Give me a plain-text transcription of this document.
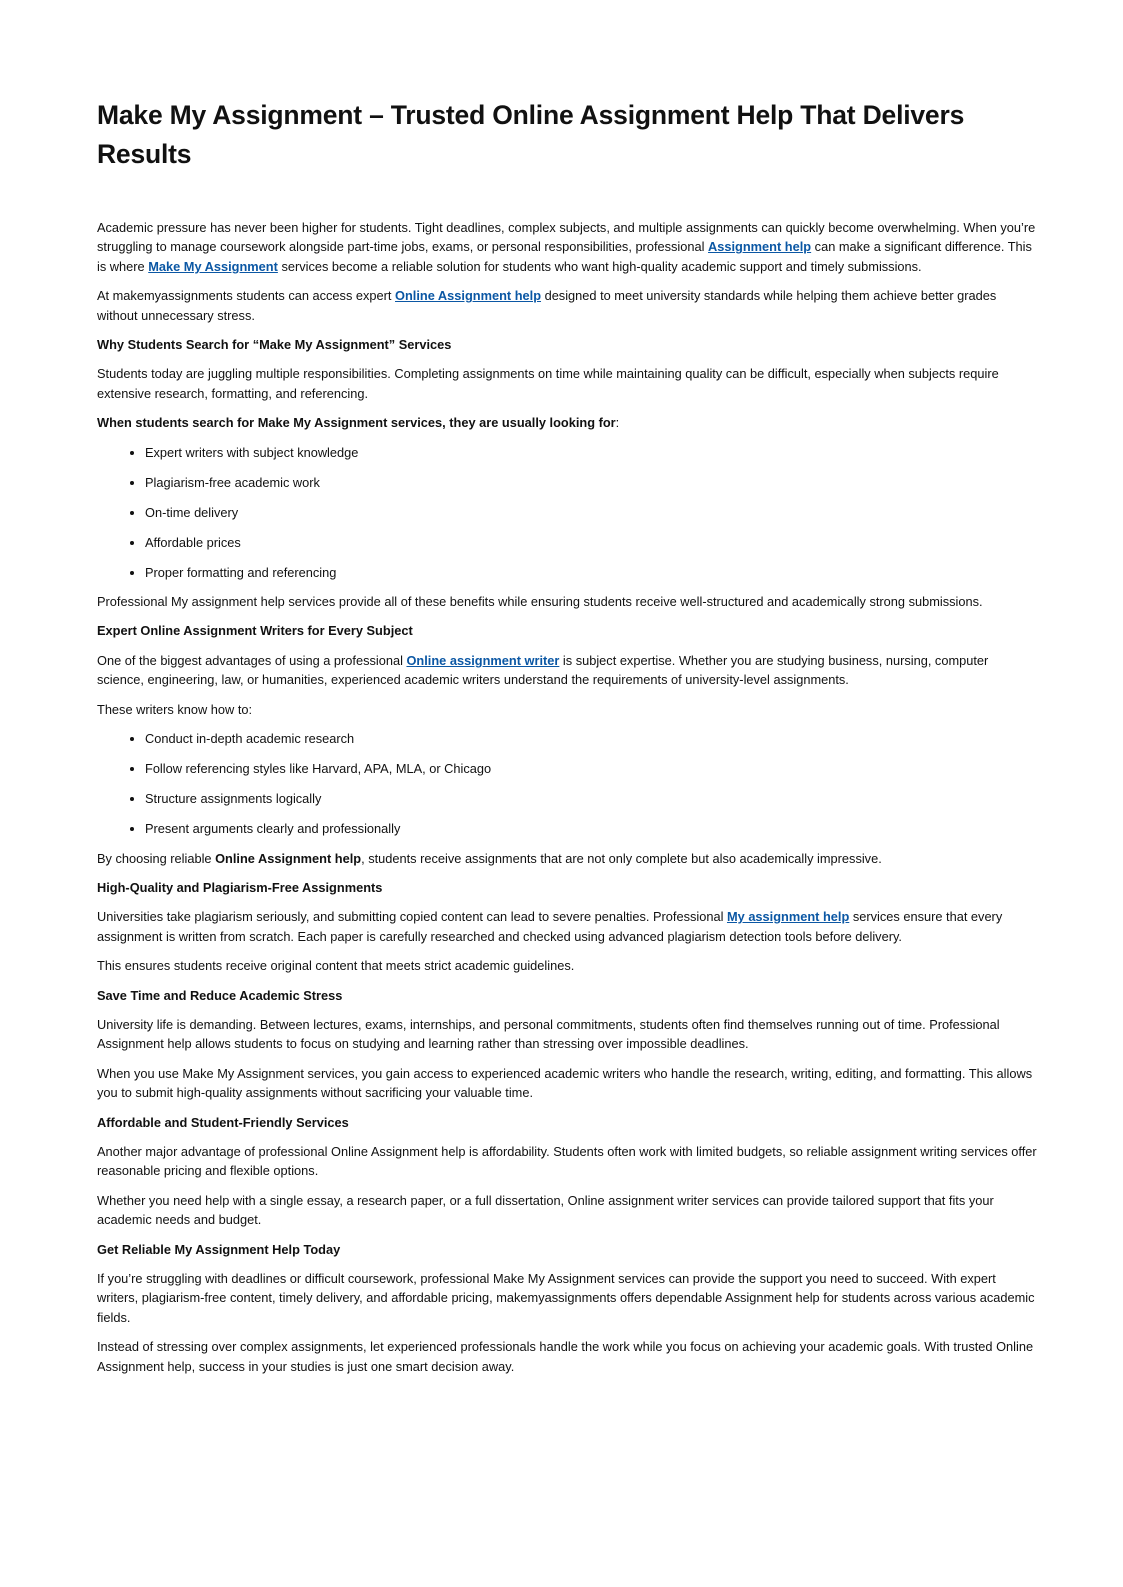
Make My Assignment – Trusted Online Assignment Help That Delivers Results

Academic pressure has never been higher for students. Tight deadlines, complex subjects, and multiple assignments can quickly become overwhelming. When you’re struggling to manage coursework alongside part-time jobs, exams, or personal responsibilities, professional Assignment help can make a significant difference. This is where Make My Assignment services become a reliable solution for students who want high-quality academic support and timely submissions.

At makemyassignments students can access expert Online Assignment help designed to meet university standards while helping them achieve better grades without unnecessary stress.

Why Students Search for “Make My Assignment” Services

Students today are juggling multiple responsibilities. Completing assignments on time while maintaining quality can be difficult, especially when subjects require extensive research, formatting, and referencing.

When students search for Make My Assignment services, they are usually looking for:

• Expert writers with subject knowledge
• Plagiarism-free academic work
• On-time delivery
• Affordable prices
• Proper formatting and referencing

Professional My assignment help services provide all of these benefits while ensuring students receive well-structured and academically strong submissions.

Expert Online Assignment Writers for Every Subject

One of the biggest advantages of using a professional Online assignment writer is subject expertise. Whether you are studying business, nursing, computer science, engineering, law, or humanities, experienced academic writers understand the requirements of university-level assignments.

These writers know how to:

• Conduct in-depth academic research
• Follow referencing styles like Harvard, APA, MLA, or Chicago
• Structure assignments logically
• Present arguments clearly and professionally

By choosing reliable Online Assignment help, students receive assignments that are not only complete but also academically impressive.

High-Quality and Plagiarism-Free Assignments

Universities take plagiarism seriously, and submitting copied content can lead to severe penalties. Professional My assignment help services ensure that every assignment is written from scratch. Each paper is carefully researched and checked using advanced plagiarism detection tools before delivery.

This ensures students receive original content that meets strict academic guidelines.

Save Time and Reduce Academic Stress

University life is demanding. Between lectures, exams, internships, and personal commitments, students often find themselves running out of time. Professional Assignment help allows students to focus on studying and learning rather than stressing over impossible deadlines.

When you use Make My Assignment services, you gain access to experienced academic writers who handle the research, writing, editing, and formatting. This allows you to submit high-quality assignments without sacrificing your valuable time.

Affordable and Student-Friendly Services

Another major advantage of professional Online Assignment help is affordability. Students often work with limited budgets, so reliable assignment writing services offer reasonable pricing and flexible options.

Whether you need help with a single essay, a research paper, or a full dissertation, Online assignment writer services can provide tailored support that fits your academic needs and budget.

Get Reliable My Assignment Help Today

If you’re struggling with deadlines or difficult coursework, professional Make My Assignment services can provide the support you need to succeed. With expert writers, plagiarism-free content, timely delivery, and affordable pricing, makemyassignments offers dependable Assignment help for students across various academic fields.

Instead of stressing over complex assignments, let experienced professionals handle the work while you focus on achieving your academic goals. With trusted Online Assignment help, success in your studies is just one smart decision away.
